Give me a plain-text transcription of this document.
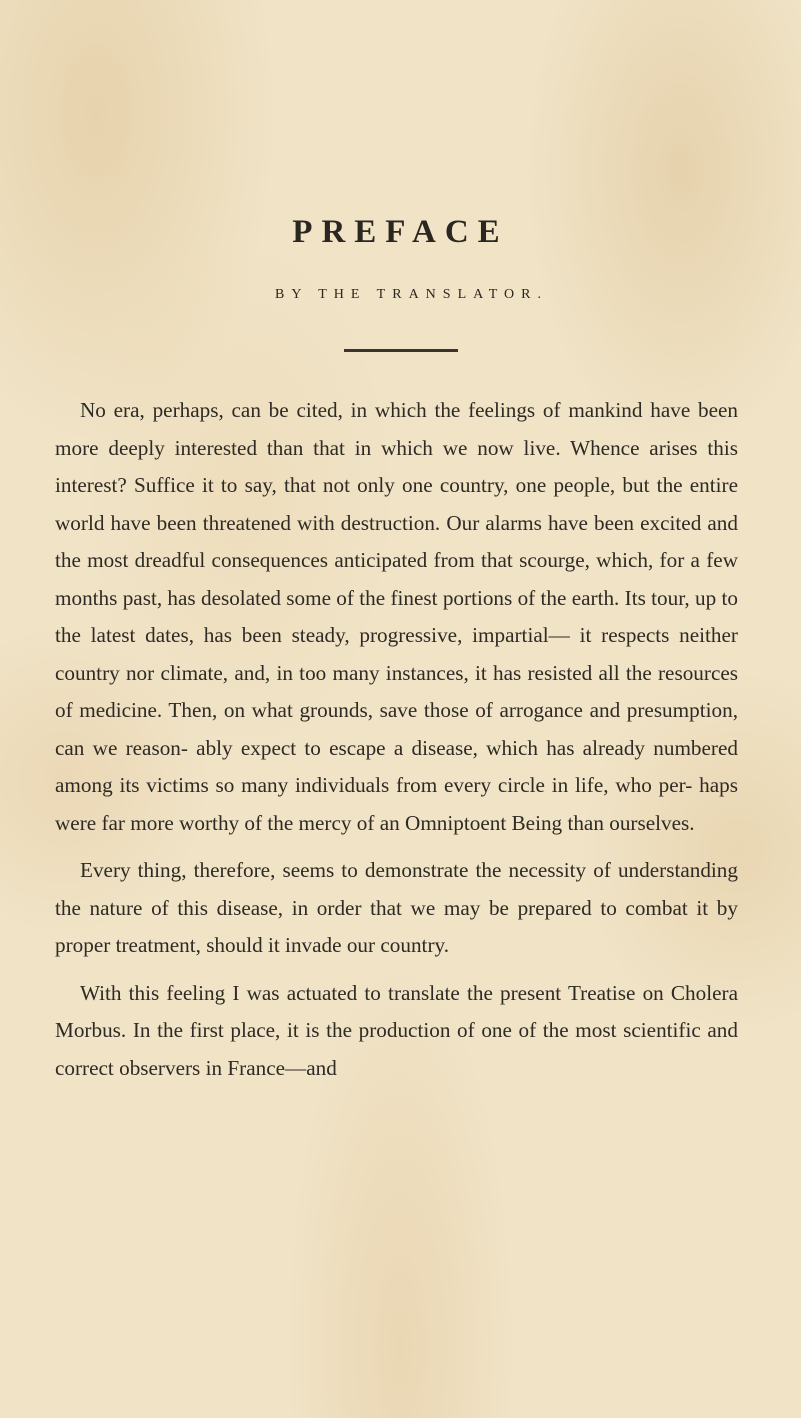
PREFACE
BY THE TRANSLATOR.

No era, perhaps, can be cited, in which the feelings of mankind have been more deeply interested than that in which we now live. Whence arises this interest? Suffice it to say, that not only one country, one people, but the entire world have been threatened with destruction. Our alarms have been excited and the most dreadful consequences anticipated from that scourge, which, for a few months past, has desolated some of the finest portions of the earth. Its tour, up to the latest dates, has been steady, progressive, impartial— it respects neither country nor climate, and, in too many instances, it has resisted all the resources of medicine. Then, on what grounds, save those of arrogance and presumption, can we reason- ably expect to escape a disease, which has already numbered among its victims so many individuals from every circle in life, who per- haps were far more worthy of the mercy of an Omniptoent Being than ourselves.

Every thing, therefore, seems to demonstrate the necessity of understanding the nature of this disease, in order that we may be prepared to combat it by proper treatment, should it invade our country.

With this feeling I was actuated to translate the present Treatise on Cholera Morbus. In the first place, it is the production of one of the most scientific and correct observers in France—and
